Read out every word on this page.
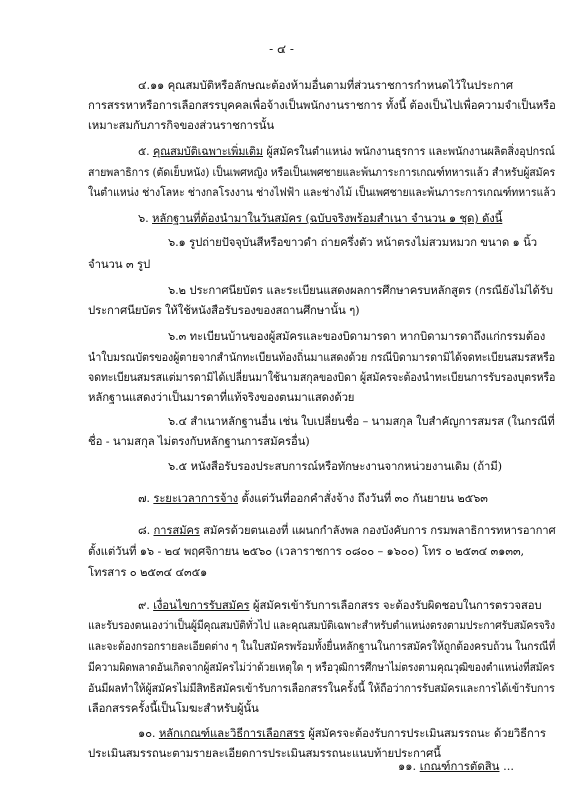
- ๔ -
๔.๑๑ คุณสมบัติหรือลักษณะต้องห้ามอื่นตามที่ส่วนราชการกำหนดไว้ในประกาศ
การสรรหาหรือการเลือกสรรบุคคลเพื่อจ้างเป็นพนักงานราชการ ทั้งนี้ ต้องเป็นไปเพื่อความจำเป็นหรือ
เหมาะสมกับภารกิจของส่วนราชการนั้น
๕. คุณสมบัติเฉพาะเพิ่มเติม ผู้สมัครในตำแหน่ง พนักงานธุรการ และพนักงานผลิตสิ่งอุปกรณ์
สายพลาธิการ (ตัดเย็บหนัง) เป็นเพศหญิง หรือเป็นเพศชายและพ้นภาระการเกณฑ์ทหารแล้ว สำหรับผู้สมัคร
ในตำแหน่ง ช่างโลหะ ช่างกลโรงงาน ช่างไฟฟ้า และช่างไม้ เป็นเพศชายและพ้นภาระการเกณฑ์ทหารแล้ว
๖. หลักฐานที่ต้องนำมาในวันสมัคร (ฉบับจริงพร้อมสำเนา จำนวน ๑ ชุด) ดังนี้
๖.๑ รูปถ่ายปัจจุบันสีหรือขาวดำ ถ่ายครึ่งตัว หน้าตรงไม่สวมหมวก ขนาด ๑ นิ้ว
จำนวน ๓ รูป
๖.๒ ประกาศนียบัตร และระเบียนแสดงผลการศึกษาครบหลักสูตร (กรณียังไม่ได้รับ
ประกาศนียบัตร ให้ใช้หนังสือรับรองของสถานศึกษานั้น ๆ)
๖.๓ ทะเบียนบ้านของผู้สมัครและของบิดามารดา หากบิดามารดาถึงแก่กรรมต้อง
นำใบมรณบัตรของผู้ตายจากสำนักทะเบียนท้องถิ่นมาแสดงด้วย กรณีบิดามารดามิได้จดทะเบียนสมรสหรือ
จดทะเบียนสมรสแต่มารดามิได้เปลี่ยนมาใช้นามสกุลของบิดา ผู้สมัครจะต้องนำทะเบียนการรับรองบุตรหรือ
หลักฐานแสดงว่าเป็นมารดาที่แท้จริงของตนมาแสดงด้วย
๖.๔ สำเนาหลักฐานอื่น เช่น ใบเปลี่ยนชื่อ – นามสกุล ใบสำคัญการสมรส (ในกรณีที่
ชื่อ - นามสกุล ไม่ตรงกับหลักฐานการสมัครอื่น)
๖.๕ หนังสือรับรองประสบการณ์หรือทักษะงานจากหน่วยงานเดิม (ถ้ามี)
๗. ระยะเวลาการจ้าง ตั้งแต่วันที่ออกคำสั่งจ้าง ถึงวันที่ ๓๐ กันยายน ๒๕๖๓
๘. การสมัคร สมัครด้วยตนเองที่ แผนกกำลังพล กองบังคับการ กรมพลาธิการทหารอากาศ
ตั้งแต่วันที่ ๑๖ - ๒๔ พฤศจิกายน ๒๕๖๐ (เวลาราชการ ๐๘๐๐ – ๑๖๐๐) โทร ๐ ๒๕๓๔ ๓๑๓๓,
โทรสาร ๐ ๒๕๓๔ ๔๓๕๑
๙. เงื่อนไขการรับสมัคร ผู้สมัครเข้ารับการเลือกสรร จะต้องรับผิดชอบในการตรวจสอบ
และรับรองตนเองว่าเป็นผู้มีคุณสมบัติทั่วไป และคุณสมบัติเฉพาะสำหรับตำแหน่งตรงตามประกาศรับสมัครจริง
และจะต้องกรอกรายละเอียดต่าง ๆ ในใบสมัครพร้อมทั้งยื่นหลักฐานในการสมัครให้ถูกต้องครบถ้วน ในกรณีที่
มีความผิดพลาดอันเกิดจากผู้สมัครไม่ว่าด้วยเหตุใด ๆ หรือวุฒิการศึกษาไม่ตรงตามคุณวุฒิของตำแหน่งที่สมัคร
อันมีผลทำให้ผู้สมัครไม่มีสิทธิสมัครเข้ารับการเลือกสรรในครั้งนี้ ให้ถือว่าการรับสมัครและการได้เข้ารับการ
เลือกสรรครั้งนี้เป็นโมฆะสำหรับผู้นั้น
๑๐. หลักเกณฑ์และวิธีการเลือกสรร ผู้สมัครจะต้องรับการประเมินสมรรถนะ ด้วยวิธีการ
ประเมินสมรรถนะตามรายละเอียดการประเมินสมรรถนะแนบท้ายประกาศนี้
๑๑. เกณฑ์การตัดสิน ...
